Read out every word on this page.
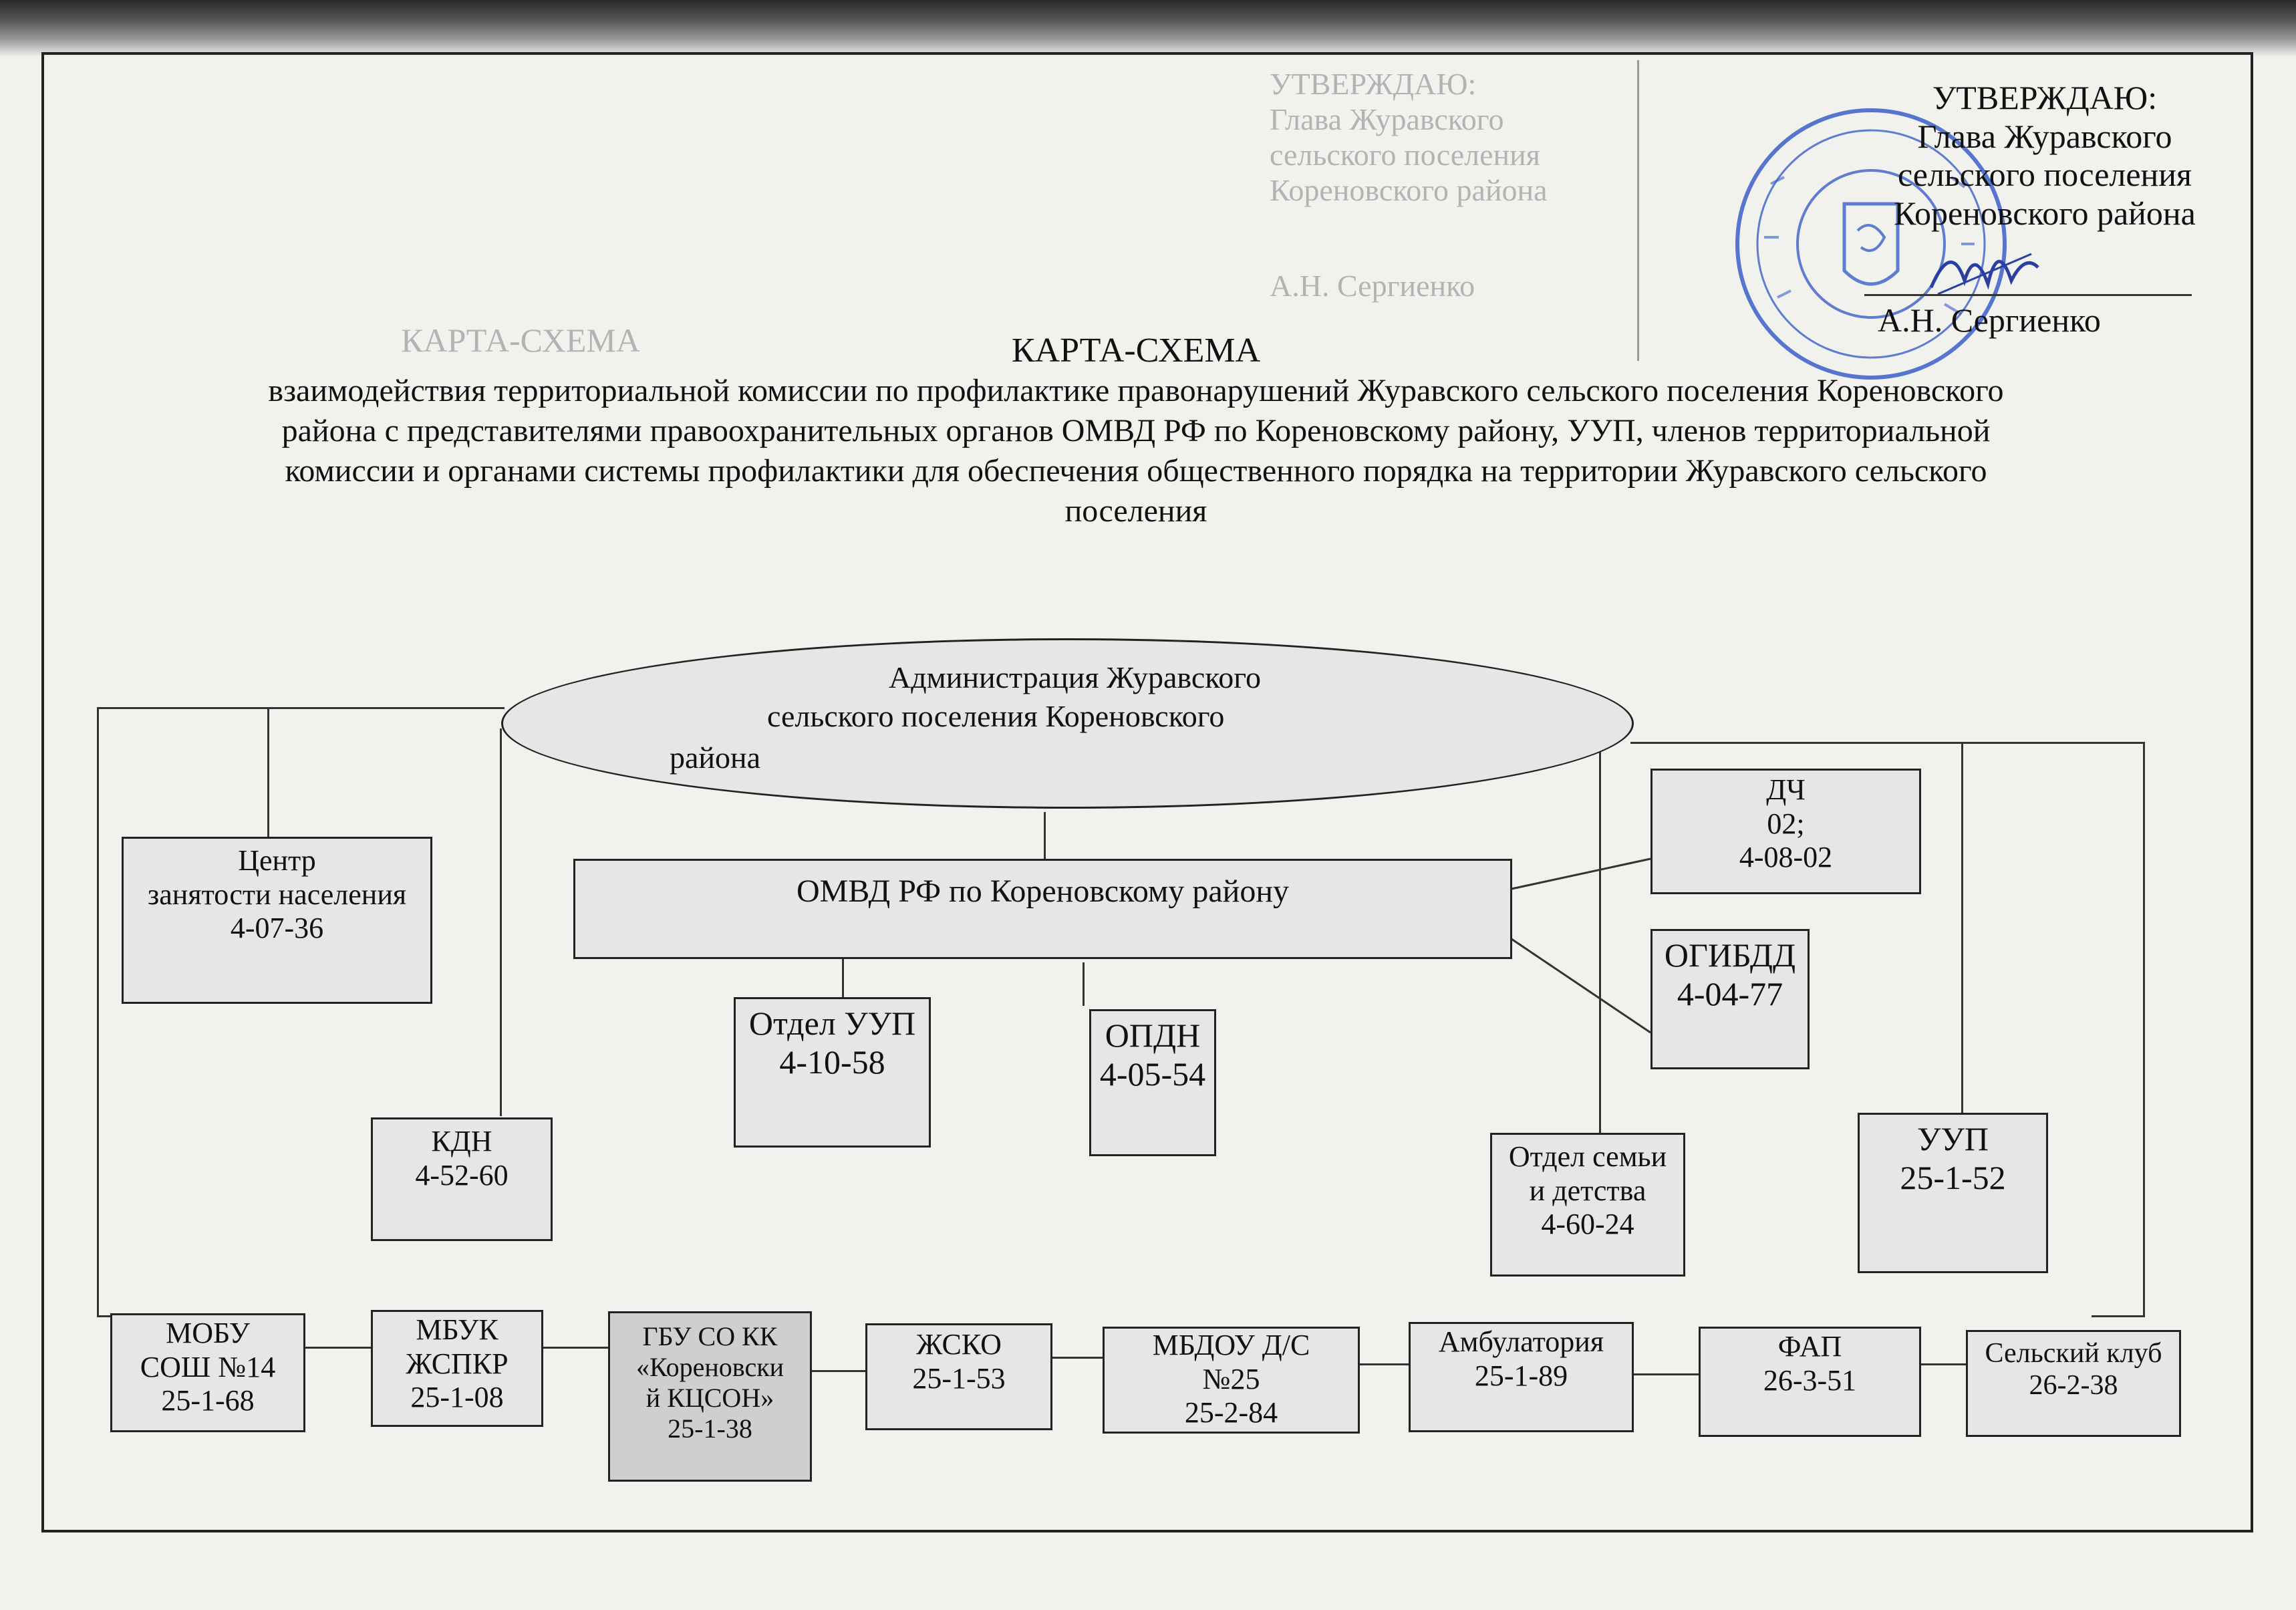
УТВЕРЖДАЮ:
Глава Журавского
сельского поселения
Кореновского района
А.Н. Сергиенко
КАРТА-СХЕМА
УТВЕРЖДАЮ:
Глава Журавского
сельского поселения
Кореновского района
А.Н. Сергиенко
КАРТА-СХЕМА
взаимодействия территориальной комиссии по профилактике правонарушений Журавского сельского поселения Кореновского
района с представителями правоохранительных органов ОМВД РФ по Кореновскому району, УУП, членов территориальной
комиссии и органами системы профилактики для обеспечения общественного порядка на территории Журавского сельского
поселения
Администрация Журавского
сельского поселения Кореновского
района
ОМВД РФ по Кореновскому району
Центр
занятости населения
4-07-36
КДН
4-52-60
Отдел УУП
4-10-58
ОПДН
4-05-54
ДЧ
02;
4-08-02
ОГИБДД
4-04-77
Отдел семьи
и детства
4-60-24
УУП
25-1-52
МОБУ
СОШ №14
25-1-68
МБУК
ЖСПКР
25-1-08
ГБУ СО КК
«Кореновски
й КЦСОН»
25-1-38
ЖСКО
25-1-53
МБДОУ Д/С
№25
25-2-84
Амбулатория
25-1-89
ФАП
26-3-51
Сельский клуб
26-2-38
